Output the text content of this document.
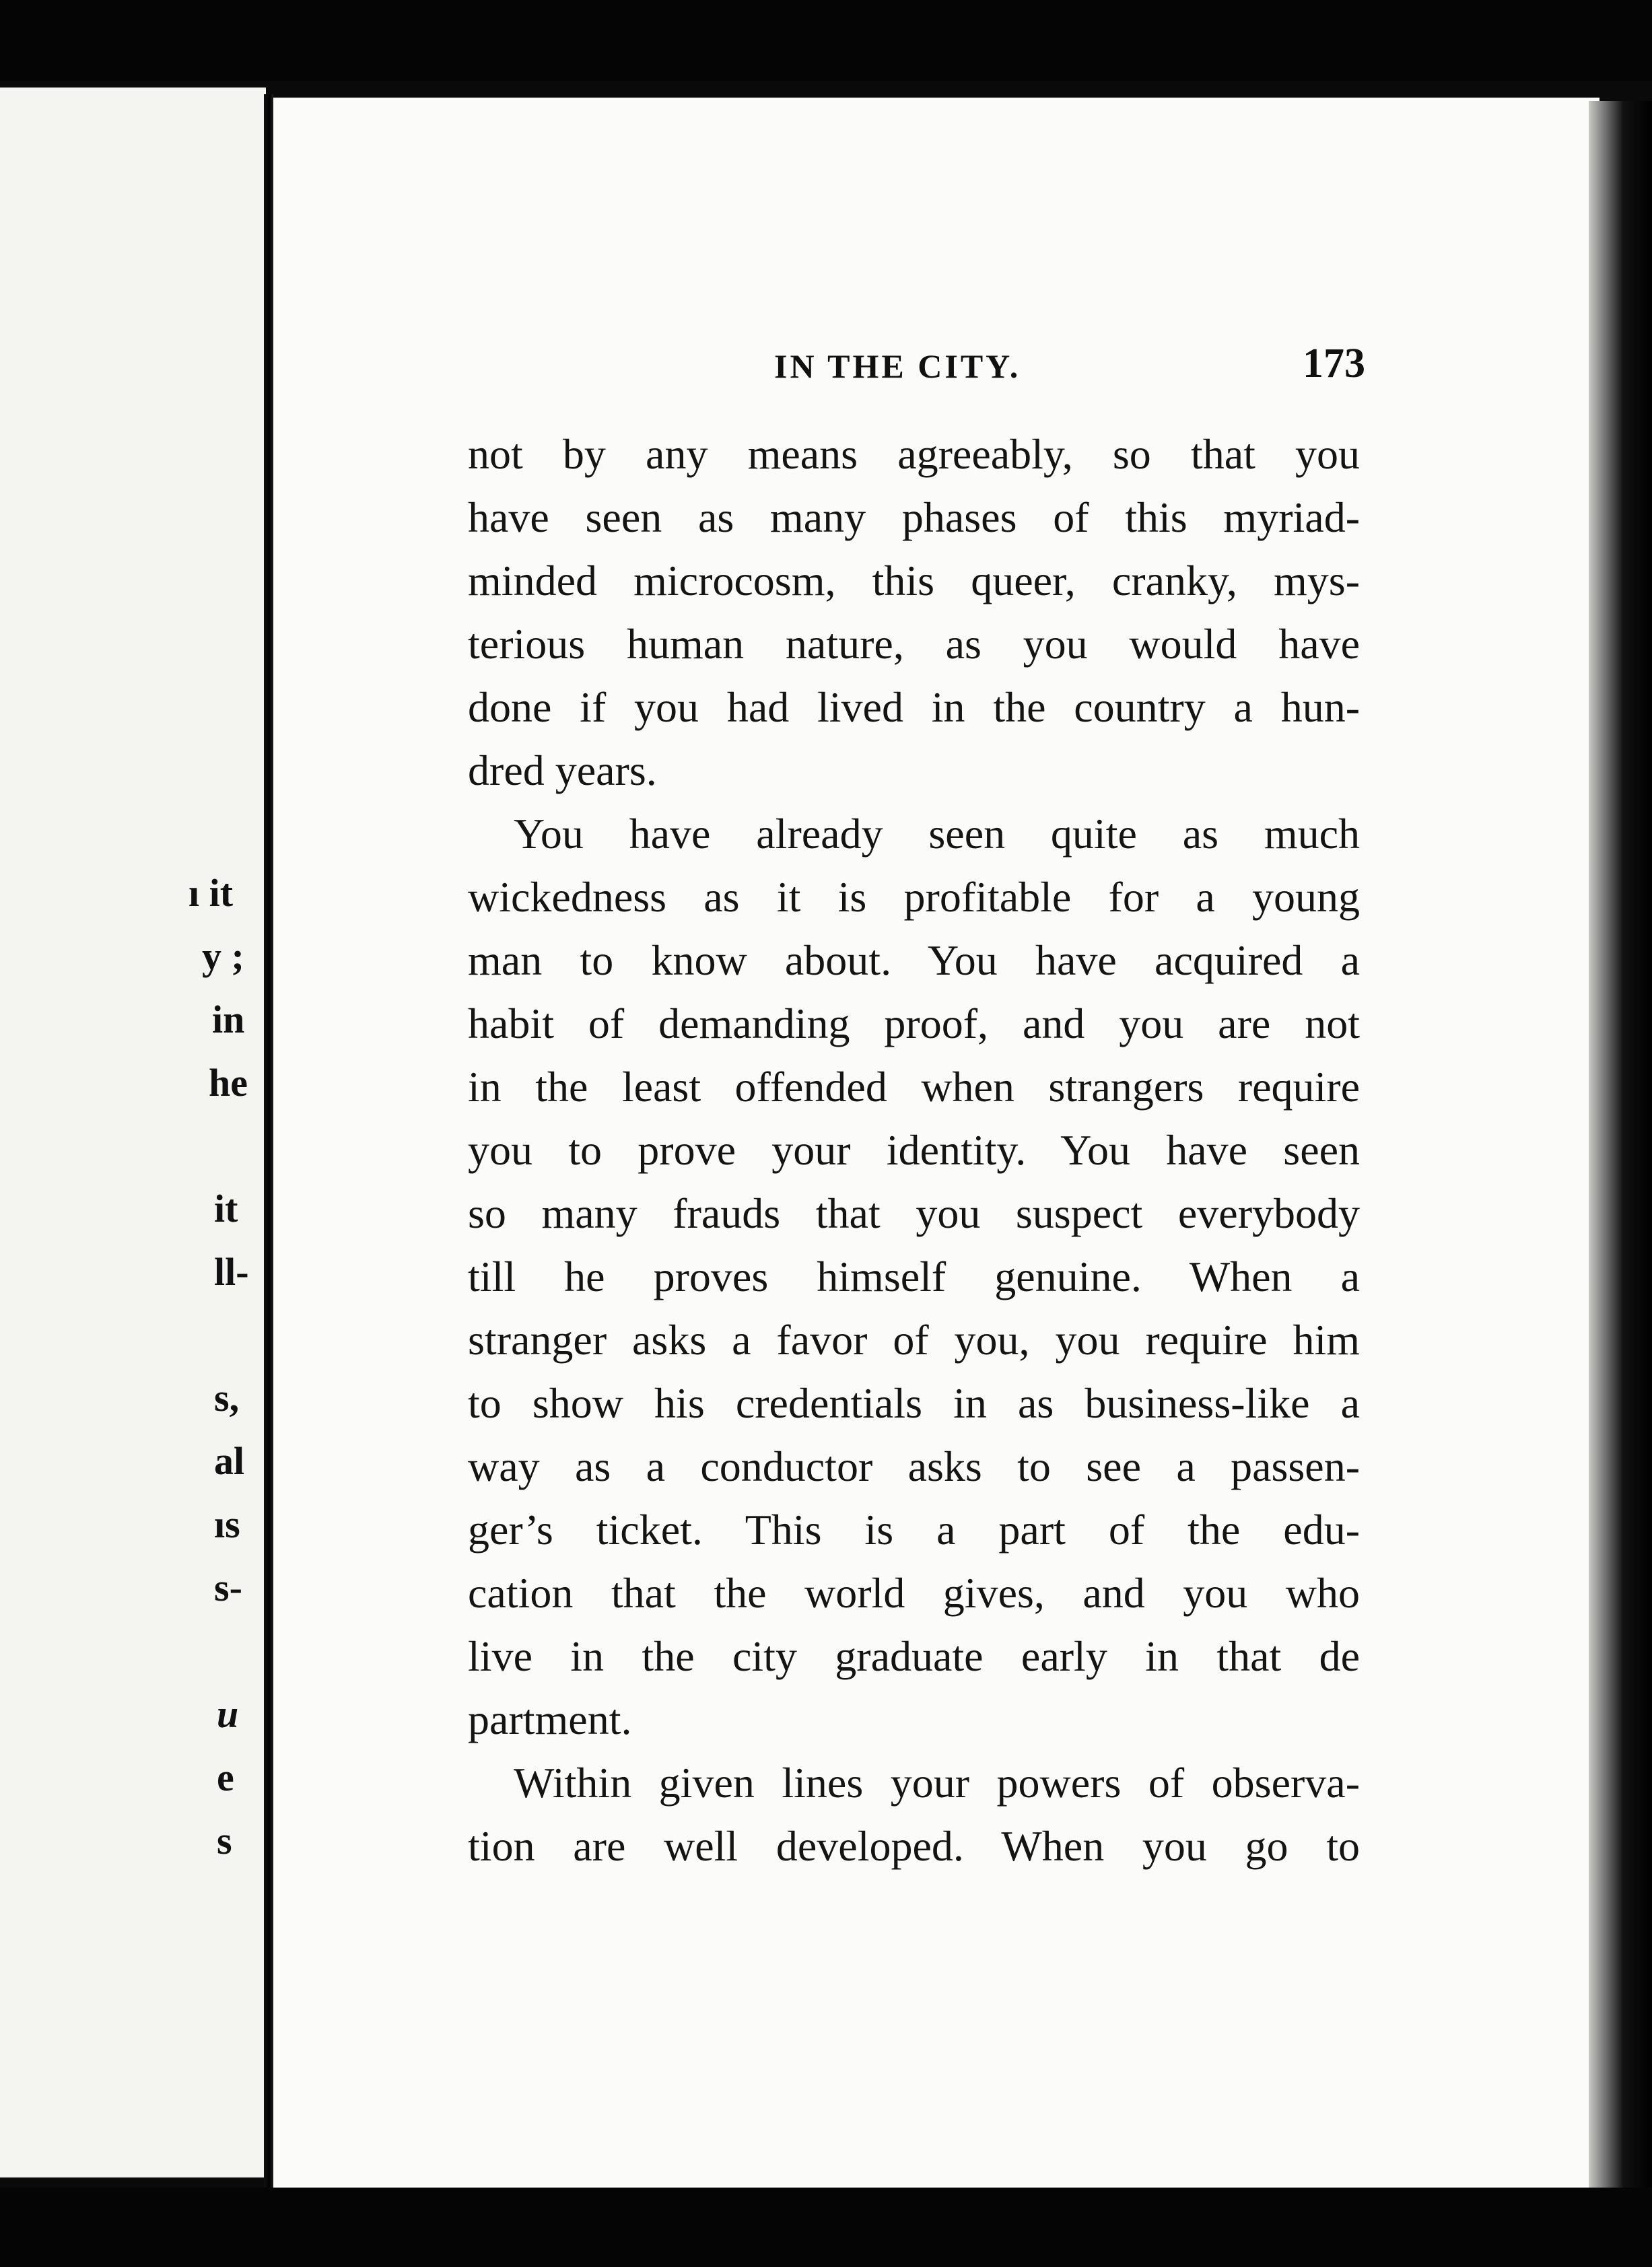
ı it
y ;
in
he
it
ll-
s,
al
ıs
s-
u
e
s
IN THE CITY.	173
not by any means agreeably, so that you
have seen as many phases of this myriad-
minded microcosm, this queer, cranky, mys-
terious human nature, as you would have
done if you had lived in the country a hun-
dred years.
You have already seen quite as much
wickedness as it is profitable for a young
man to know about. You have acquired a
habit of demanding proof, and you are not
in the least offended when strangers require
you to prove your identity. You have seen
so many frauds that you suspect everybody
till he proves himself genuine. When a
stranger asks a favor of you, you require him
to show his credentials in as business-like a
way as a conductor asks to see a passen-
ger’s ticket. This is a part of the edu-
cation that the world gives, and you who
live in the city graduate early in that de
partment.
Within given lines your powers of observa-
tion are well developed. When you go to
